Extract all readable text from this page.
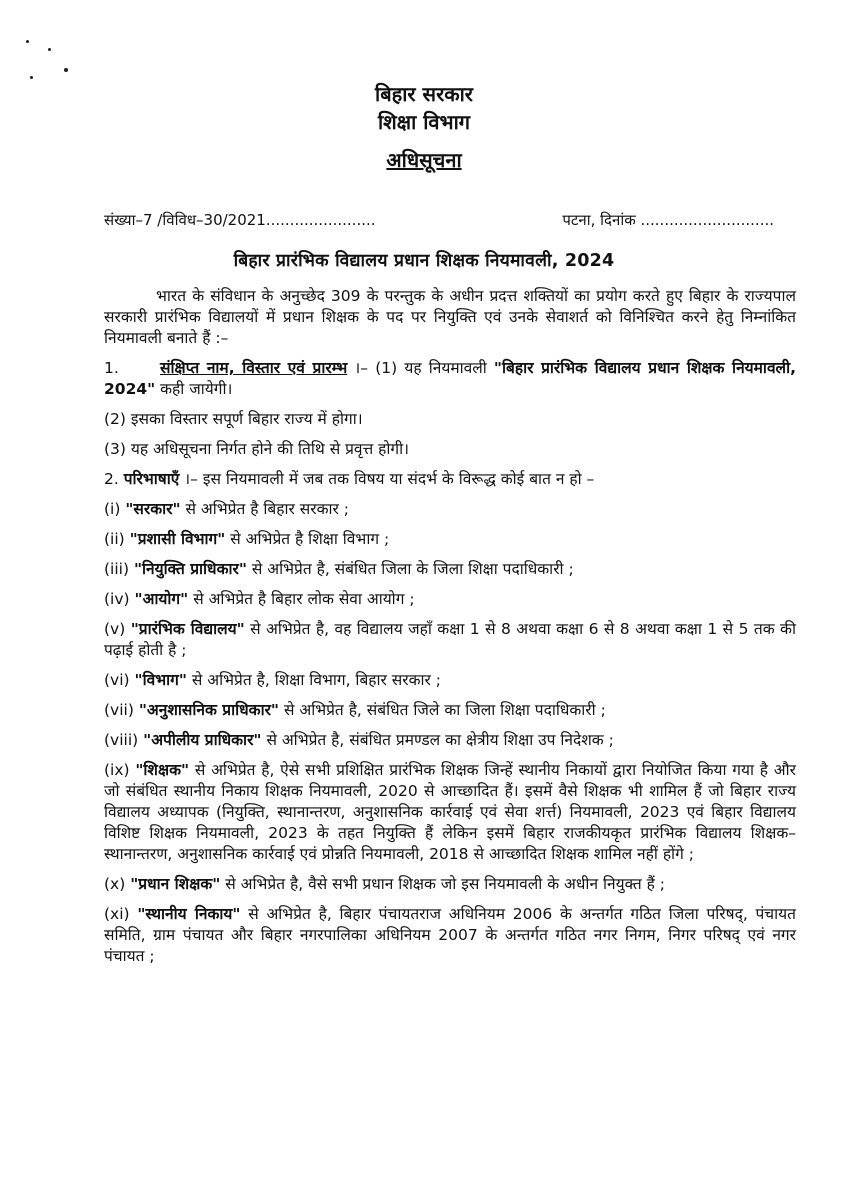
बिहार सरकार
शिक्षा विभाग
अधिसूचना
संख्या–7 /विविध–30/2021.......................	पटना, दिनांक ............................
बिहार प्रारंभिक विद्यालय प्रधान शिक्षक नियमावली, 2024

भारत के संविधान के अनुच्छेद 309 के परन्तुक के अधीन प्रदत्त शक्तियों का प्रयोग करते हुए बिहार के राज्यपाल सरकारी प्रारंभिक विद्यालयों में प्रधान शिक्षक के पद पर नियुक्ति एवं उनके सेवाशर्त को विनिश्चित करने हेतु निम्नांकित नियमावली बनाते हैं :–

1.	संक्षिप्त नाम, विस्तार एवं प्रारम्भ ।– (1) यह नियमावली "बिहार प्रारंभिक विद्यालय प्रधान शिक्षक नियमावली, 2024" कही जायेगी।

(2) इसका विस्तार सपूर्ण बिहार राज्य में होगा।

(3) यह अधिसूचना निर्गत होने की तिथि से प्रवृत्त होगी।

2. परिभाषाएँ ।– इस नियमावली में जब तक विषय या संदर्भ के विरूद्ध कोई बात न हो –

(i) "सरकार" से अभिप्रेत है बिहार सरकार ;

(ii) "प्रशासी विभाग" से अभिप्रेत है शिक्षा विभाग ;

(iii) "नियुक्ति प्राधिकार" से अभिप्रेत है, संबंधित जिला के जिला शिक्षा पदाधिकारी ;

(iv) "आयोग" से अभिप्रेत है बिहार लोक सेवा आयोग ;

(v) "प्रारंभिक विद्यालय" से अभिप्रेत है, वह विद्यालय जहाँ कक्षा 1 से 8 अथवा कक्षा 6 से 8 अथवा कक्षा 1 से 5 तक की पढ़ाई होती है ;

(vi) "विभाग" से अभिप्रेत है, शिक्षा विभाग, बिहार सरकार ;

(vii) "अनुशासनिक प्राधिकार" से अभिप्रेत है, संबंधित जिले का जिला शिक्षा पदाधिकारी ;

(viii) "अपीलीय प्राधिकार" से अभिप्रेत है, संबंधित प्रमण्डल का क्षेत्रीय शिक्षा उप निदेशक ;

(ix) "शिक्षक" से अभिप्रेत है, ऐसे सभी प्रशिक्षित प्रारंभिक शिक्षक जिन्हें स्थानीय निकायों द्वारा नियोजित किया गया है और जो संबंधित स्थानीय निकाय शिक्षक नियमावली, 2020 से आच्छादित हैं। इसमें वैसे शिक्षक भी शामिल हैं जो बिहार राज्य विद्यालय अध्यापक (नियुक्ति, स्थानान्तरण, अनुशासनिक कार्रवाई एवं सेवा शर्त्त) नियमावली, 2023 एवं बिहार विद्यालय विशिष्ट शिक्षक नियमावली, 2023 के तहत नियुक्ति हैं लेकिन इसमें बिहार राजकीयकृत प्रारंभिक विद्यालय शिक्षक–स्थानान्तरण, अनुशासनिक कार्रवाई एवं प्रोन्नति नियमावली, 2018 से आच्छादित शिक्षक शामिल नहीं होंगे ;

(x) "प्रधान शिक्षक" से अभिप्रेत है, वैसे सभी प्रधान शिक्षक जो इस नियमावली के अधीन नियुक्त हैं ;

(xi) "स्थानीय निकाय" से अभिप्रेत है, बिहार पंचायतराज अधिनियम 2006 के अन्तर्गत गठित जिला परिषद्, पंचायत समिति, ग्राम पंचायत और बिहार नगरपालिका अधिनियम 2007 के अन्तर्गत गठित नगर निगम, निगर परिषद् एवं नगर पंचायत ;
